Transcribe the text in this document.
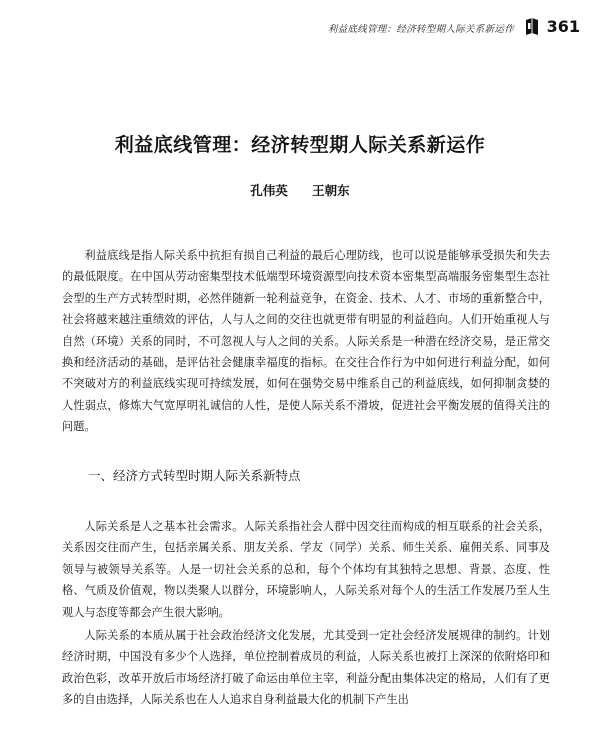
利益底线管理：经济转型期人际关系新运作 361
利益底线管理：经济转型期人际关系新运作
孔伟英 王朝东

利益底线是指人际关系中抗拒有损自己利益的最后心理防线，也可以说是能够承受损失和失去的最低限度。在中国从劳动密集型技术低端型环境资源型向技术资本密集型高端服务密集型生态社会型的生产方式转型时期，必然伴随新一轮利益竞争，在资金、技术、人才、市场的重新整合中，社会将越来越注重绩效的评估，人与人之间的交往也就更带有明显的利益趋向。人们开始重视人与自然（环境）关系的同时，不可忽视人与人之间的关系。人际关系是一种潜在经济交易，是正常交换和经济活动的基础，是评估社会健康幸福度的指标。在交往合作行为中如何进行利益分配，如何不突破对方的利益底线实现可持续发展，如何在强势交易中维系自己的利益底线，如何抑制贪婪的人性弱点，修炼大气宽厚明礼诚信的人性，是使人际关系不滑坡，促进社会平衡发展的值得关注的问题。

一、经济方式转型时期人际关系新特点

人际关系是人之基本社会需求。人际关系指社会人群中因交往而构成的相互联系的社会关系，关系因交往而产生，包括亲属关系、朋友关系、学友（同学）关系、师生关系、雇佣关系、同事及领导与被领导关系等。人是一切社会关系的总和，每个个体均有其独特之思想、背景、态度、性格、气质及价值观，物以类聚人以群分，环境影响人，人际关系对每个人的生活工作发展乃至人生观人与态度等都会产生很大影响。

人际关系的本质从属于社会政治经济文化发展，尤其受到一定社会经济发展规律的制约。计划经济时期，中国没有多少个人选择，单位控制着成员的利益，人际关系也被打上深深的依附烙印和政治色彩，改革开放后市场经济打破了命运由单位主宰，利益分配由集体决定的格局，人们有了更多的自由选择，人际关系也在人人追求自身利益最大化的机制下产生出
